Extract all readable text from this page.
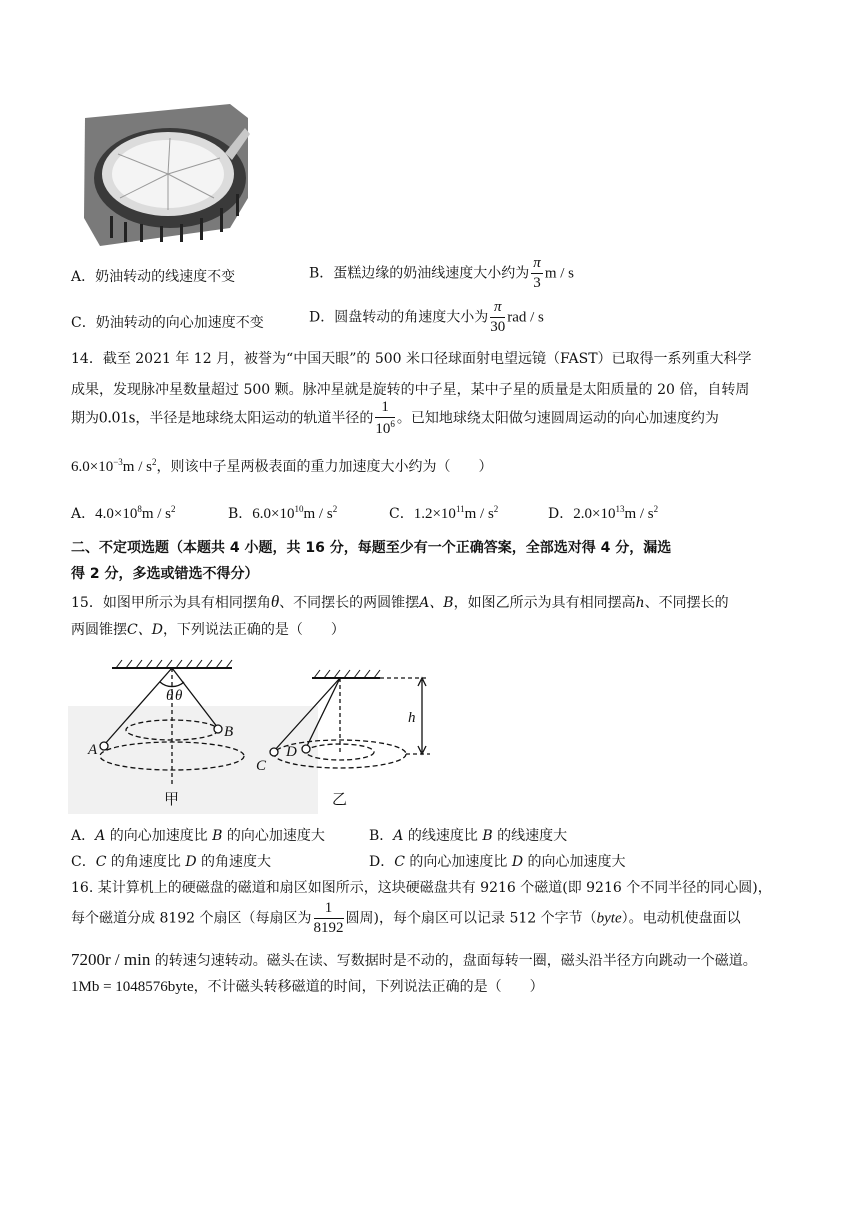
A．奶油转动的线速度不变	B．蛋糕边缘的奶油线速度大小约为 $\frac{\pi}{3}$ m / s
C．奶油转动的向心加速度不变	D．圆盘转动的角速度大小为 $\frac{\pi}{30}$ rad / s
14．截至 2021 年 12 月，被誉为“中国天眼”的 500 米口径球面射电望远镜（FAST）已取得一系列重大科学
成果，发现脉冲星数量超过 500 颗。脉冲星就是旋转的中子星，某中子星的质量是太阳质量的 20 倍，自转周
期为0.01s，半径是地球绕太阳运动的轨道半径的 $\frac{1}{10^6}$ 。已知地球绕太阳做匀速圆周运动的向心加速度约为
$6.0\times 10^{-3}m / s^2$，则该中子星两极表面的重力加速度大小约为（　　）
A．$4.0\times 10^8m / s^2$	B．$6.0\times 10^{10}m / s^2$	C．$1.2\times 10^{11}m / s^2$	D．$2.0\times 10^{13}m / s^2$
二、不定项选题（本题共 4 小题，共 16 分，每题至少有一个正确答案，全部选对得 4 分，漏选
得 2 分，多选或错选不得分）
15．如图甲所示为具有相同摆角θ、不同摆长的两圆锥摆A、B，如图乙所示为具有相同摆高h、不同摆长的
两圆锥摆C、D，下列说法正确的是（　　）
θ θ
A
B
C
D
h
甲	乙
A．A 的向心加速度比 B 的向心加速度大	B．A 的线速度比 B 的线速度大
C．C 的角速度比 D 的角速度大	D．C 的向心加速度比 D 的向心加速度大
16. 某计算机上的硬磁盘的磁道和扇区如图所示，这块硬磁盘共有 9216 个磁道(即 9216 个不同半径的同心圆)，
每个磁道分成 8192 个扇区（每扇区为 $\frac{1}{8192}$ 圆周)，每个扇区可以记录 512 个字节（byte）。电动机使盘面以
7200r / min 的转速匀速转动。磁头在读、写数据时是不动的，盘面每转一圈，磁头沿半径方向跳动一个磁道。
1Mb = 1048576byte，不计磁头转移磁道的时间，下列说法正确的是（　　）
